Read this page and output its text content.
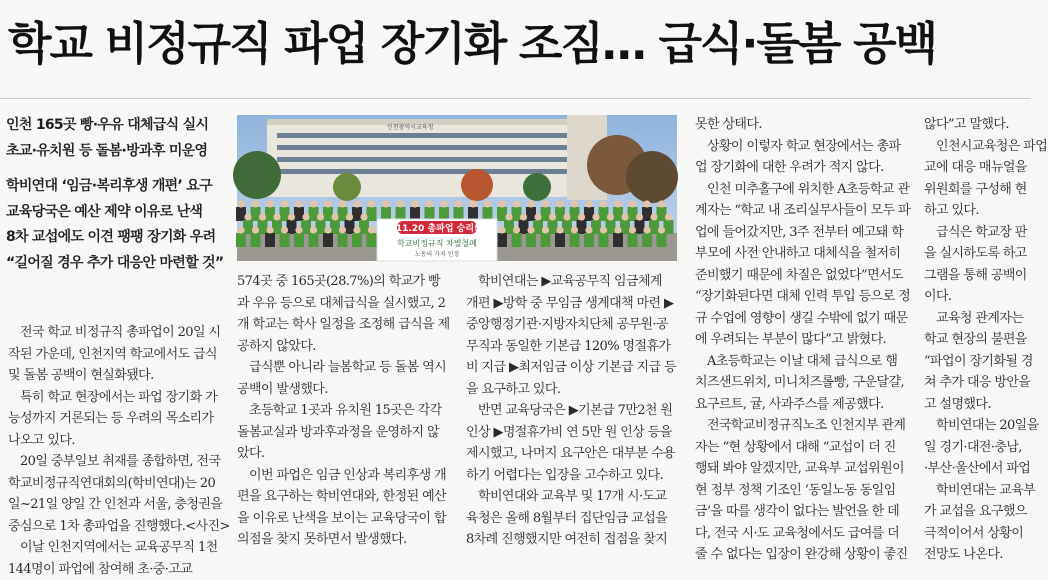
학교 비정규직 파업 장기화 조짐… 급식·돌봄 공백
인천 165곳 빵·우유 대체급식 실시
초교·유치원 등 돌봄·방과후 미운영
학비연대 ‘임금·복리후생 개편’ 요구
교육당국은 예산 제약 이유로 난색
8차 교섭에도 이견 팽팽 장기화 우려
“길어질 경우 추가 대응안 마련할 것”
인천광역시교육청
11.20 총파업 승리!
학교비정규직 차별철폐
노동의 가치 인정
전국 학교 비정규직 총파업이 20일 시
작된 가운데, 인천지역 학교에서도 급식
및 돌봄 공백이 현실화됐다.
특히 학교 현장에서는 파업 장기화 가
능성까지 거론되는 등 우려의 목소리가
나오고 있다.
20일 중부일보 취재를 종합하면, 전국
학교비정규직연대회의(학비연대)는 20
일~21일 양일 간 인천과 서울, 충청권을
중심으로 1차 총파업을 진행했다.<사진>
이날 인천지역에서는 교육공무직 1천
144명이 파업에 참여해 초·중·고교
574곳 중 165곳(28.7%)의 학교가 빵
과 우유 등으로 대체급식을 실시했고, 2
개 학교는 학사 일정을 조정해 급식을 제
공하지 않았다.
급식뿐 아니라 늘봄학교 등 돌봄 역시
공백이 발생했다.
초등학교 1곳과 유치원 15곳은 각각
돌봄교실과 방과후과정을 운영하지 않
았다.
이번 파업은 임금 인상과 복리후생 개
편을 요구하는 학비연대와, 한정된 예산
을 이유로 난색을 보이는 교육당국이 합
의점을 찾지 못하면서 발생했다.
학비연대는 ▶교육공무직 임금체계
개편 ▶방학 중 무임금 생계대책 마련 ▶
중앙행정기관·지방자치단체 공무원·공
무직과 동일한 기본급 120% 명절휴가
비 지급 ▶최저임금 이상 기본급 지급 등
을 요구하고 있다.
반면 교육당국은 ▶기본급 7만2천 원
인상 ▶명절휴가비 연 5만 원 인상 등을
제시했고, 나머지 요구안은 대부분 수용
하기 어렵다는 입장을 고수하고 있다.
학비연대와 교육부 및 17개 시·도교
육청은 올해 8월부터 집단임금 교섭을
8차례 진행했지만 여전히 접점을 찾지
못한 상태다.
상황이 이렇자 학교 현장에서는 총파
업 장기화에 대한 우려가 적지 않다.
인천 미추홀구에 위치한 A초등학교 관
계자는 “학교 내 조리실무사들이 모두 파
업에 들어갔지만, 3주 전부터 예고돼 학
부모에 사전 안내하고 대체식을 철저히
준비했기 때문에 차질은 없었다”면서도
“장기화된다면 대체 인력 투입 등으로 정
규 수업에 영향이 생길 수밖에 없기 때문
에 우려되는 부분이 많다”고 밝혔다.
A초등학교는 이날 대체 급식으로 햄
치즈샌드위치, 미니치즈롤빵, 구운달걀,
요구르트, 귤, 사과주스를 제공했다.
전국학교비정규직노조 인천지부 관계
자는 “현 상황에서 대해 “교섭이 더 진
행돼 봐야 알겠지만, 교육부 교섭위원이
현 정부 정책 기조인 ‘동일노동 동일임
금’을 따를 생각이 없다는 발언을 한 데
다, 전국 시·도 교육청에서도 급여를 더
줄 수 없다는 입장이 완강해 상황이 좋진
않다”고 말했다.
인천시교육청은 파업
교에 대응 매뉴얼을
위원회를 구성해 현
하고 있다.
급식은 학교장 판
을 실시하도록 하고
그램을 통해 공백이
이다.
교육청 관계자는
학교 현장의 불편을
“파업이 장기화될 경
쳐 추가 대응 방안을
고 설명했다.
학비연대는 20일을
일 경기·대전·충남,
·부산·울산에서 파업
학비연대는 교육부
가 교섭을 요구했으
극적이어서 상황이
전망도 나온다.
